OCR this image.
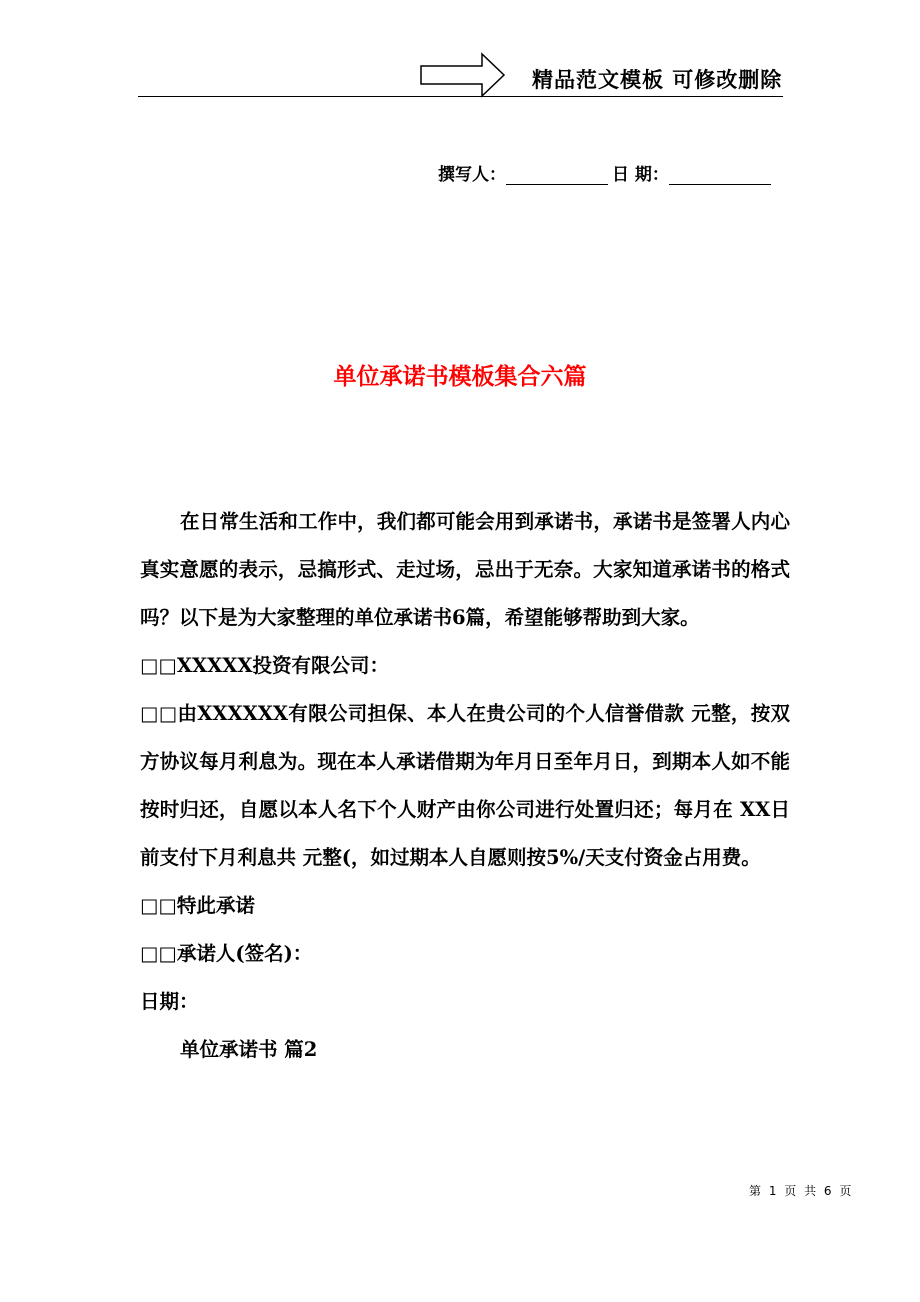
精品范文模板 可修改删除
撰写人：	日 期：
单位承诺书模板集合六篇

在日常生活和工作中，我们都可能会用到承诺书，承诺书是签署人内心真实意愿的表示，忌搞形式、走过场，忌出于无奈。大家知道承诺书的格式吗？以下是为大家整理的单位承诺书6篇，希望能够帮助到大家。

□□XXXXX投资有限公司：

□□由XXXXXX有限公司担保、本人在贵公司的个人信誉借款 元整，按双方协议每月利息为。现在本人承诺借期为年月日至年月日，到期本人如不能按时归还，自愿以本人名下个人财产由你公司进行处置归还；每月在 XX日前支付下月利息共 元整(，如过期本人自愿则按5%/天支付资金占用费。

□□特此承诺

□□承诺人(签名)：

日期：

单位承诺书 篇2

第 1 页 共 6 页
